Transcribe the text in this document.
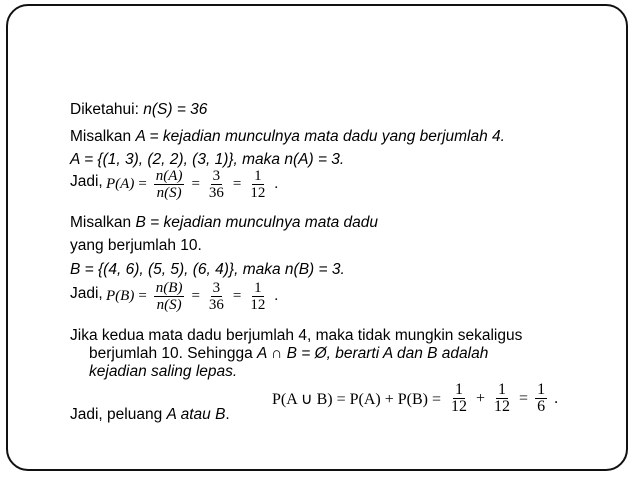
Diketahui: n(S) = 36
Misalkan A = kejadian munculnya mata dadu yang berjumlah 4.
A = {(1, 3), (2, 2), (3, 1)}, maka n(A) = 3.
Jadi, $P(A) = \frac{n(A)}{n(S)} = \frac{3}{36} = \frac{1}{12}$ .
Misalkan B = kejadian munculnya mata dadu
yang berjumlah 10.
B = {(4, 6), (5, 5), (6, 4)}, maka n(B) = 3.
Jadi, $P(B) = \frac{n(B)}{n(S)} = \frac{3}{36} = \frac{1}{12}$ .
Jika kedua mata dadu berjumlah 4, maka tidak mungkin sekaligus
berjumlah 10. Sehingga A ∩ B = Ø, berarti A dan B adalah
kejadian saling lepas.
Jadi, peluang A atau B.
P(A ∪ $B) = P(A) + P(B) = \frac{1}{12} + \frac{1}{12} = \frac{1}{6}$ .
